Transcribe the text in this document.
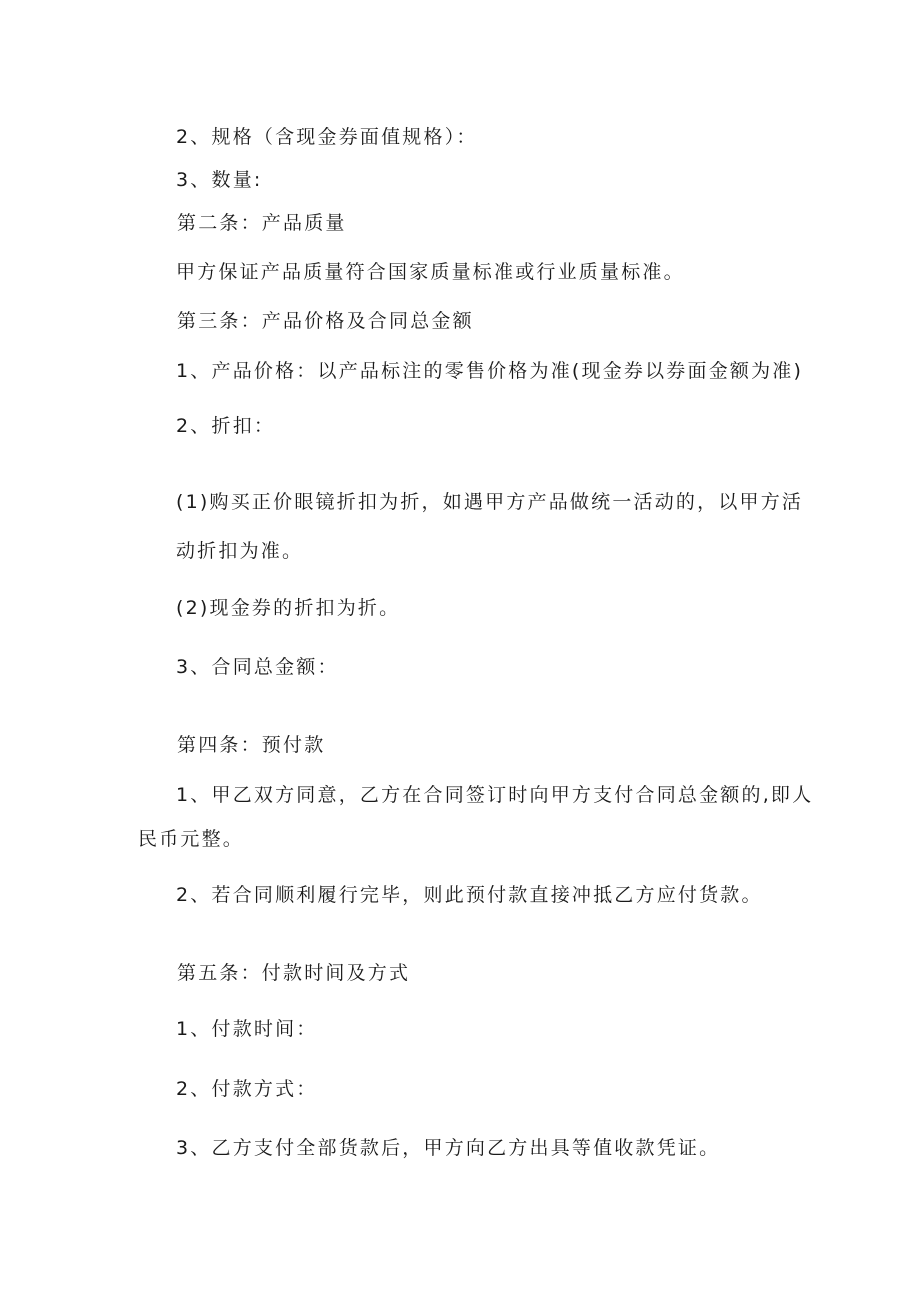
2、规格（含现金券面值规格）：
3、数量:
第二条：产品质量
甲方保证产品质量符合国家质量标准或行业质量标准。
第三条：产品价格及合同总金额
1、产品价格：以产品标注的零售价格为准(现金券以券面金额为准)
2、折扣：
(1)购买正价眼镜折扣为折，如遇甲方产品做统一活动的，以甲方活
动折扣为准。
(2)现金券的折扣为折。
3、合同总金额：
第四条：预付款
1、甲乙双方同意，乙方在合同签订时向甲方支付合同总金额的,即人
民币元整。
2、若合同顺利履行完毕，则此预付款直接冲抵乙方应付货款。
第五条：付款时间及方式
1、付款时间：
2、付款方式：
3、乙方支付全部货款后，甲方向乙方出具等值收款凭证。
